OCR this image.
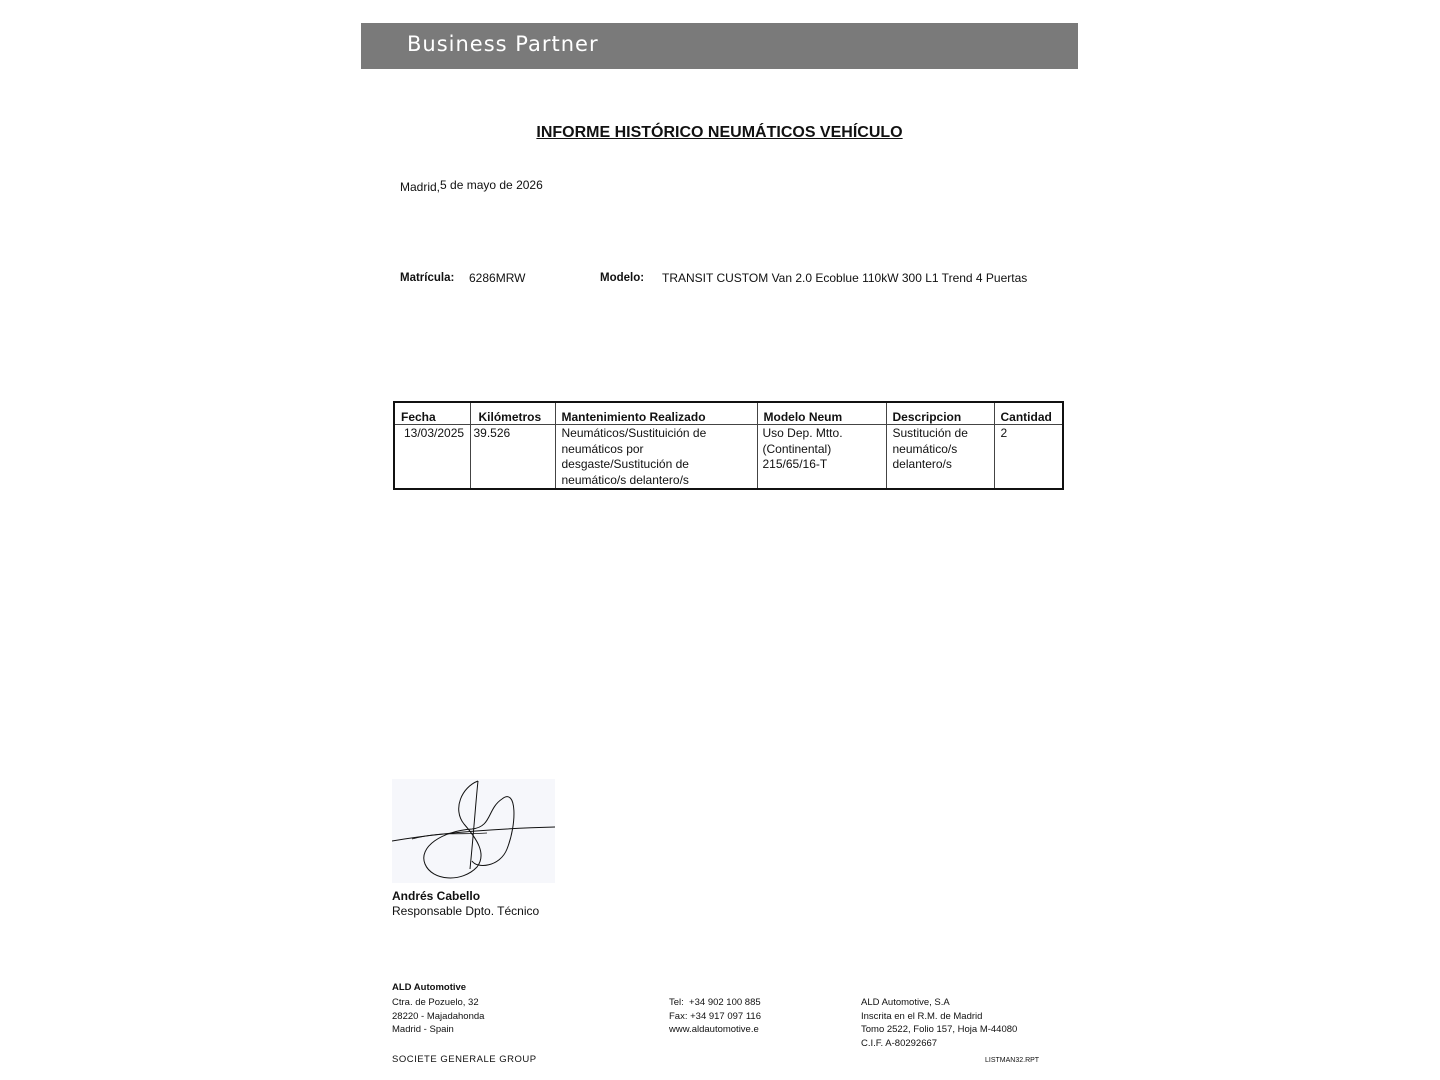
Business Partner
INFORME HISTÓRICO NEUMÁTICOS VEHÍCULO
Madrid,5 de mayo de 2026
Matrícula: 6286MRW	Modelo: TRANSIT CUSTOM Van 2.0 Ecoblue 110kW 300 L1 Trend 4 Puertas
Fecha	Kilómetros	Mantenimiento Realizado	Modelo Neum	Descripcion	Cantidad
13/03/2025	39.526	Neumáticos/Sustituición de neumáticos por desgaste/Sustitución de neumático/s delantero/s	Uso Dep. Mtto. (Continental) 215/65/16-T	Sustitución de neumático/s delantero/s	2
Andrés Cabello
Responsable Dpto. Técnico
ALD Automotive
Ctra. de Pozuelo, 32
28220 - Majadahonda
Madrid - Spain
Tel:  +34 902 100 885
Fax: +34 917 097 116
www.aldautomotive.e
ALD Automotive, S.A
Inscrita en el R.M. de Madrid
Tomo 2522, Folio 157, Hoja M-44080
C.I.F. A-80292667
SOCIETE GENERALE GROUP	LISTMAN32.RPT
